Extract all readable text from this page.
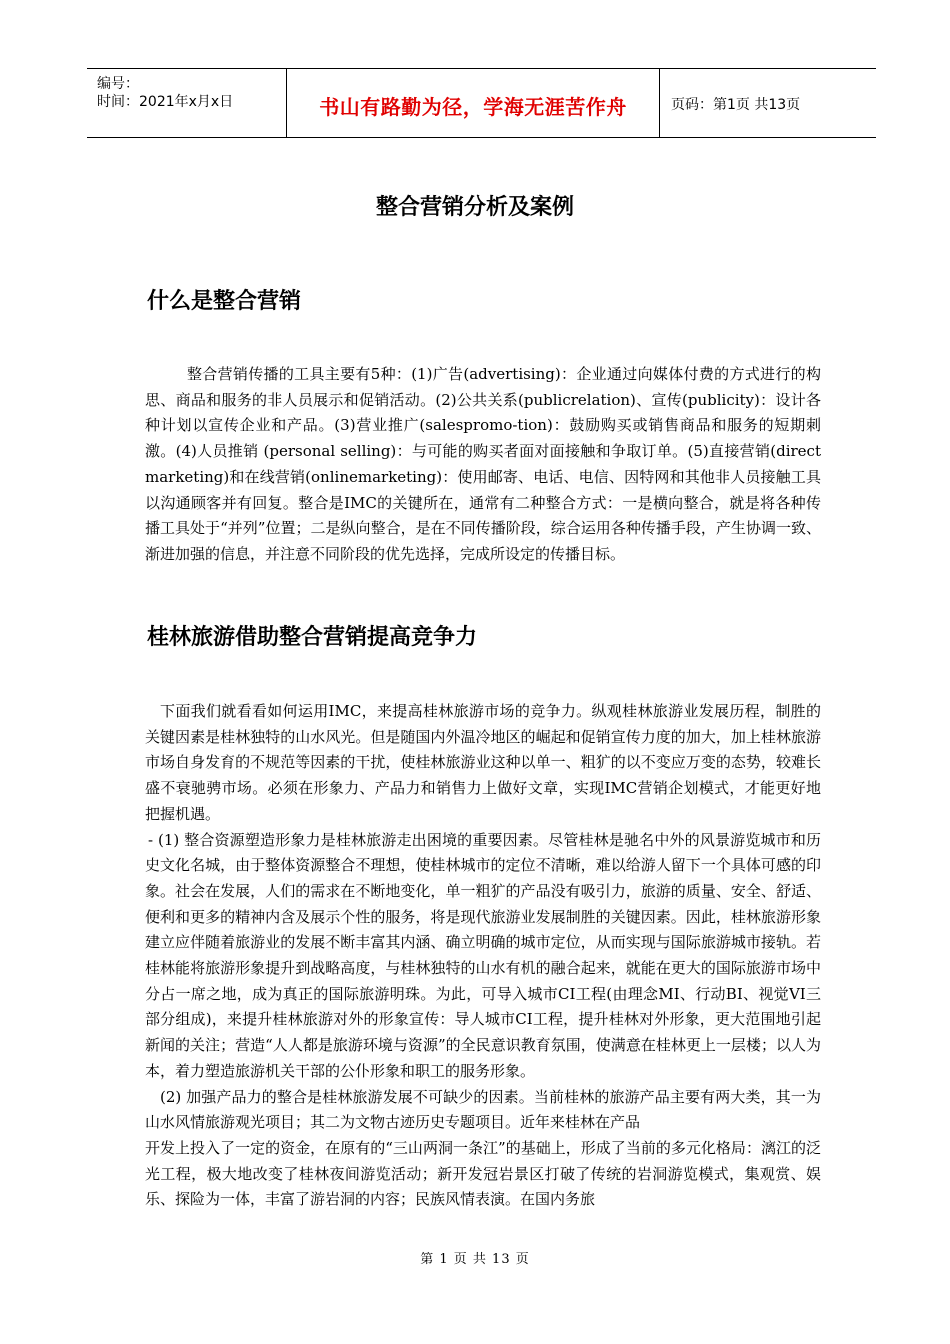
编号：
时间：2021年x月x日	书山有路勤为径，学海无涯苦作舟	页码：第1页 共13页
整合营销分析及案例
什么是整合营销

整合营销传播的工具主要有5种：(1)广告(advertising)：企业通过向媒体付费的方式进行的构思、商品和服务的非人员展示和促销活动。(2)公共关系(publicrelation)、宣传(publicity)：设计各种计划以宣传企业和产品。(3)营业推广(salespromo-tion)：鼓励购买或销售商品和服务的短期刺激。(4)人员推销 (personal selling)：与可能的购买者面对面接触和争取订单。(5)直接营销(direct marketing)和在线营销(onlinemarketing)：使用邮寄、电话、电信、因特网和其他非人员接触工具以沟通顾客并有回复。整合是IMC的关键所在，通常有二种整合方式：一是横向整合，就是将各种传播工具处于“并列”位置；二是纵向整合，是在不同传播阶段，综合运用各种传播手段，产生协调一致、渐进加强的信息，并注意不同阶段的优先选择，完成所设定的传播目标。

桂林旅游借助整合营销提高竞争力

下面我们就看看如何运用IMC，来提高桂林旅游市场的竞争力。纵观桂林旅游业发展历程，制胜的关键因素是桂林独特的山水风光。但是随国内外温冷地区的崛起和促销宣传力度的加大，加上桂林旅游市场自身发育的不规范等因素的干扰，使桂林旅游业这种以单一、粗犷的以不变应万变的态势，较难长盛不衰驰骋市场。必须在形象力、产品力和销售力上做好文章，实现IMC营销企划模式，才能更好地把握机遇。

- (1) 整合资源塑造形象力是桂林旅游走出困境的重要因素。尽管桂林是驰名中外的风景游览城市和历史文化名城，由于整体资源整合不理想，使桂林城市的定位不清晰，难以给游人留下一个具体可感的印象。社会在发展，人们的需求在不断地变化，单一粗犷的产品没有吸引力，旅游的质量、安全、舒适、便利和更多的精神内含及展示个性的服务，将是现代旅游业发展制胜的关键因素。因此，桂林旅游形象建立应伴随着旅游业的发展不断丰富其内涵、确立明确的城市定位，从而实现与国际旅游城市接轨。若桂林能将旅游形象提升到战略高度，与桂林独特的山水有机的融合起来，就能在更大的国际旅游市场中分占一席之地，成为真正的国际旅游明珠。为此，可导入城市CI工程(由理念MI、行动BI、视觉VI三部分组成)，来提升桂林旅游对外的形象宣传：导人城市CI工程，提升桂林对外形象，更大范围地引起新闻的关注；营造“人人都是旅游环境与资源”的全民意识教育氛围，使满意在桂林更上一层楼；以人为本，着力塑造旅游机关干部的公仆形象和职工的服务形象。

(2) 加强产品力的整合是桂林旅游发展不可缺少的因素。当前桂林的旅游产品主要有两大类，其一为山水风情旅游观光项目；其二为文物古迹历史专题项目。近年来桂林在产品

开发上投入了一定的资金，在原有的“三山两洞一条江”的基础上，形成了当前的多元化格局：漓江的泛光工程，极大地改变了桂林夜间游览活动；新开发冠岩景区打破了传统的岩洞游览模式，集观赏、娱乐、探险为一体，丰富了游岩洞的内容；民族风情表演。在国内务旅

第 1 页 共 13 页
